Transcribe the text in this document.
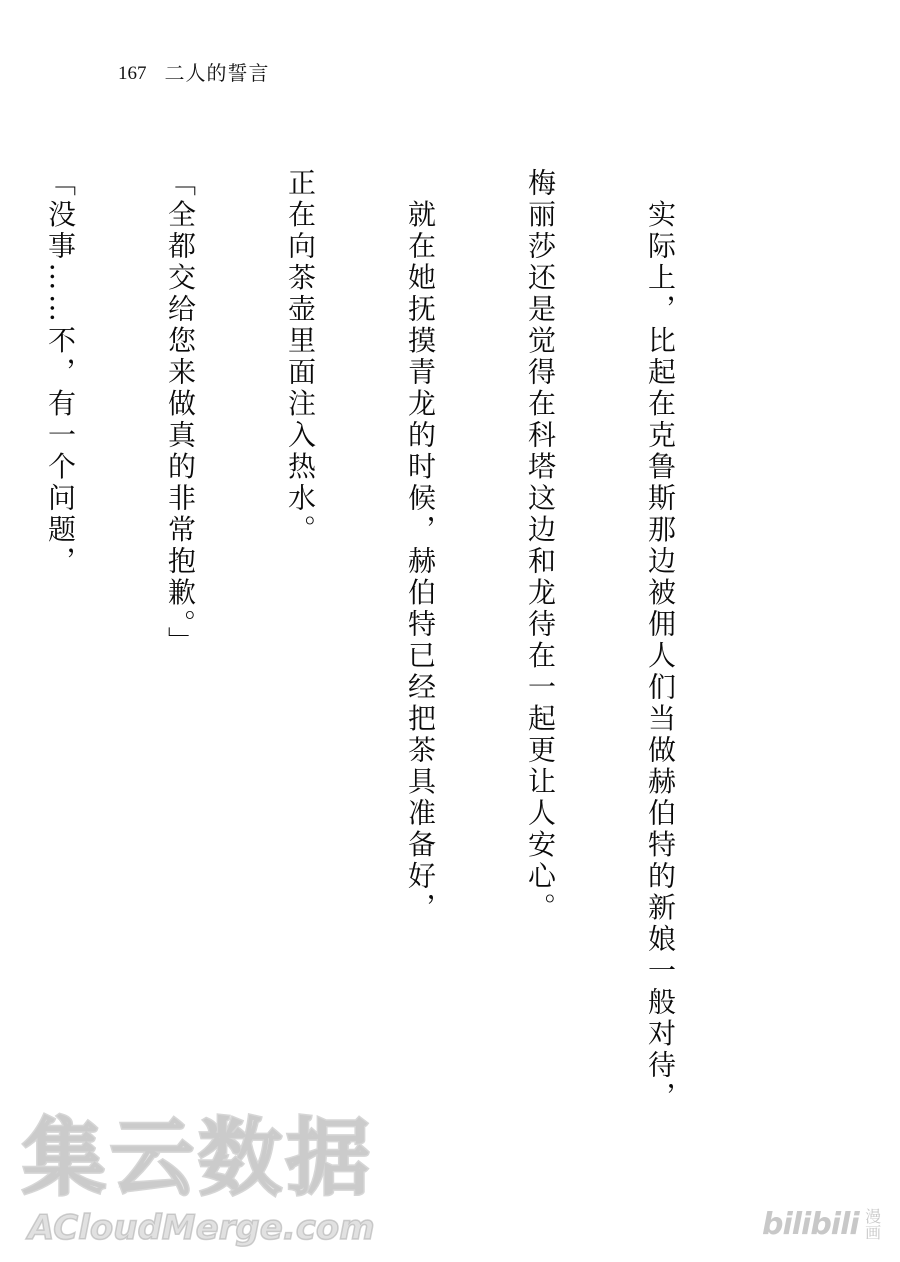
167 二人的誓言

　实际上，比起在克鲁斯那边被佣人们当做赫伯特的新娘一般对待，

梅丽莎还是觉得在科塔这边和龙待在一起更让人安心。

　就在她抚摸青龙的时候，赫伯特已经把茶具准备好，

正在向茶壶里面注入热水。

「全都交给您来做真的非常抱歉。」

「没事……不，有一个问题，

集云数据
ACloudMerge.com	bilibili 漫画
